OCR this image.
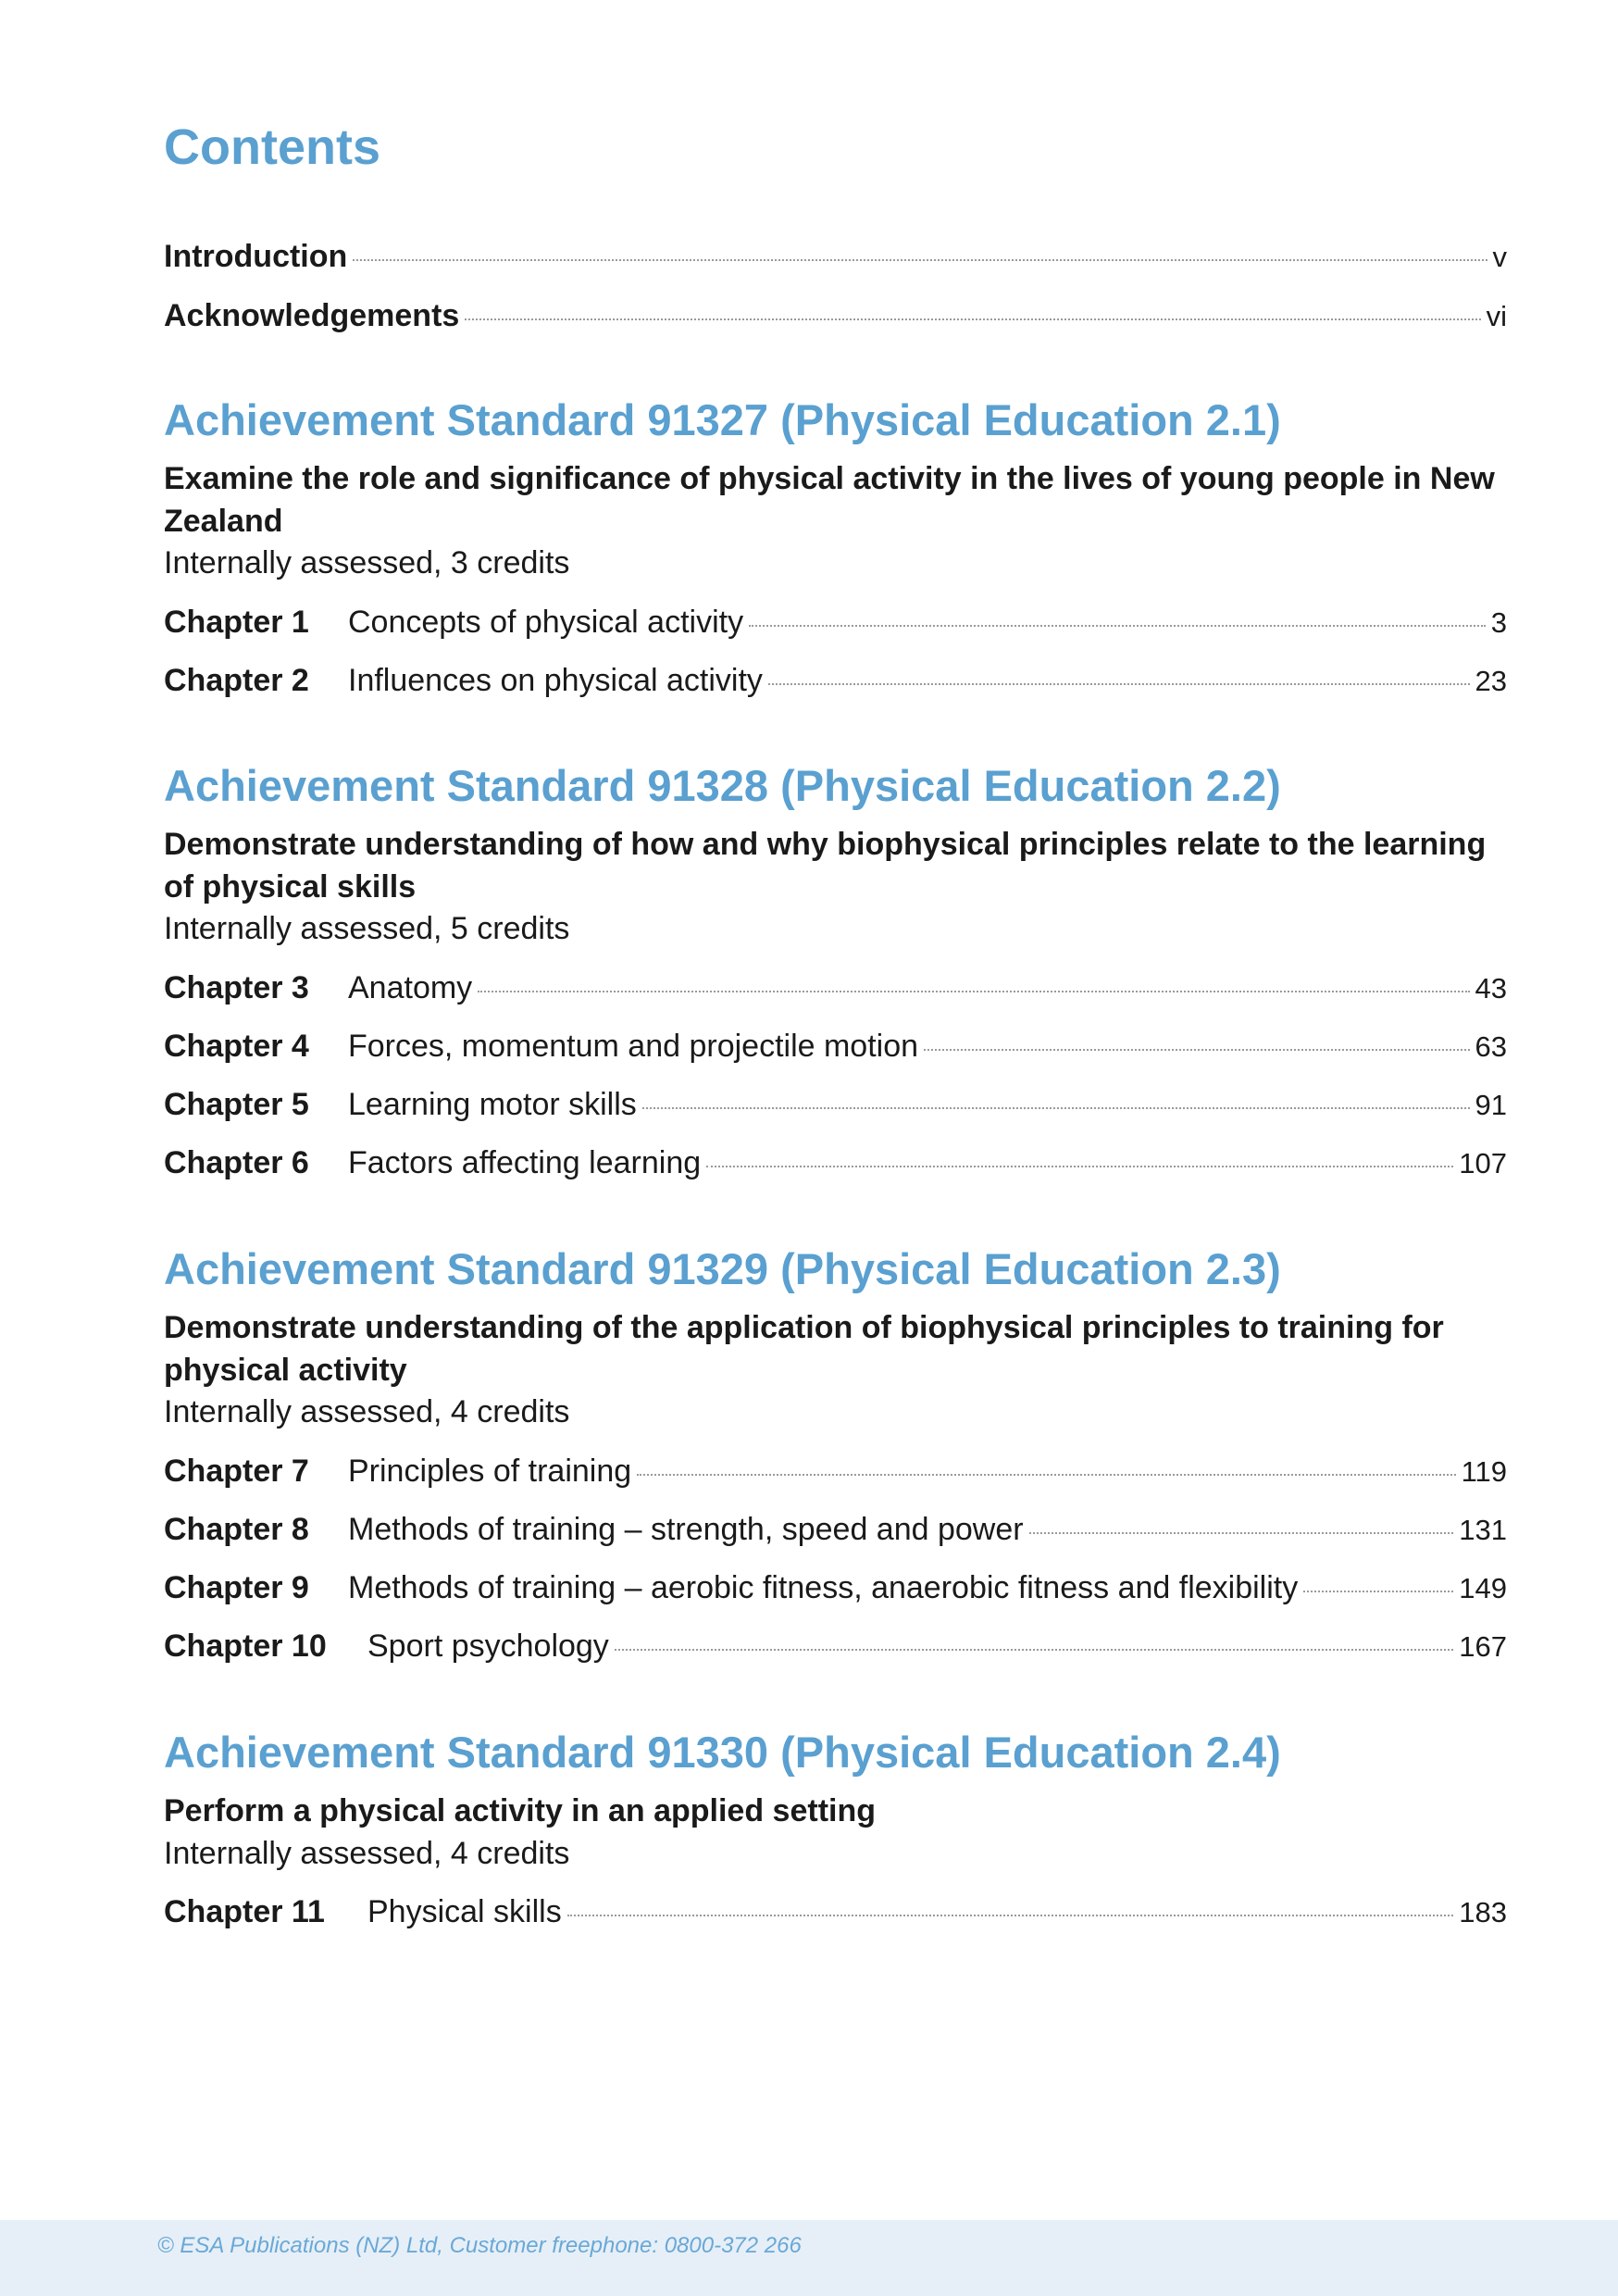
Contents
Introduction	v
Acknowledgements	vi
Achievement Standard 91327 (Physical Education 2.1)

Examine the role and significance of physical activity in the lives of young people in New Zealand

Internally assessed, 3 credits

Chapter 1	Concepts of physical activity	3
Chapter 2	Influences on physical activity	23
Achievement Standard 91328 (Physical Education 2.2)

Demonstrate understanding of how and why biophysical principles relate to the learning of physical skills

Internally assessed, 5 credits

Chapter 3	Anatomy	43
Chapter 4	Forces, momentum and projectile motion	63
Chapter 5	Learning motor skills	91
Chapter 6	Factors affecting learning	107
Achievement Standard 91329 (Physical Education 2.3)

Demonstrate understanding of the application of biophysical principles to training for physical activity

Internally assessed, 4 credits

Chapter 7	Principles of training	119
Chapter 8	Methods of training – strength, speed and power	131
Chapter 9	Methods of training – aerobic fitness, anaerobic fitness and flexibility	149
Chapter 10	Sport psychology	167
Achievement Standard 91330 (Physical Education 2.4)

Perform a physical activity in an applied setting

Internally assessed, 4 credits

Chapter 11	Physical skills	183
© ESA Publications (NZ) Ltd, Customer freephone: 0800-372 266
